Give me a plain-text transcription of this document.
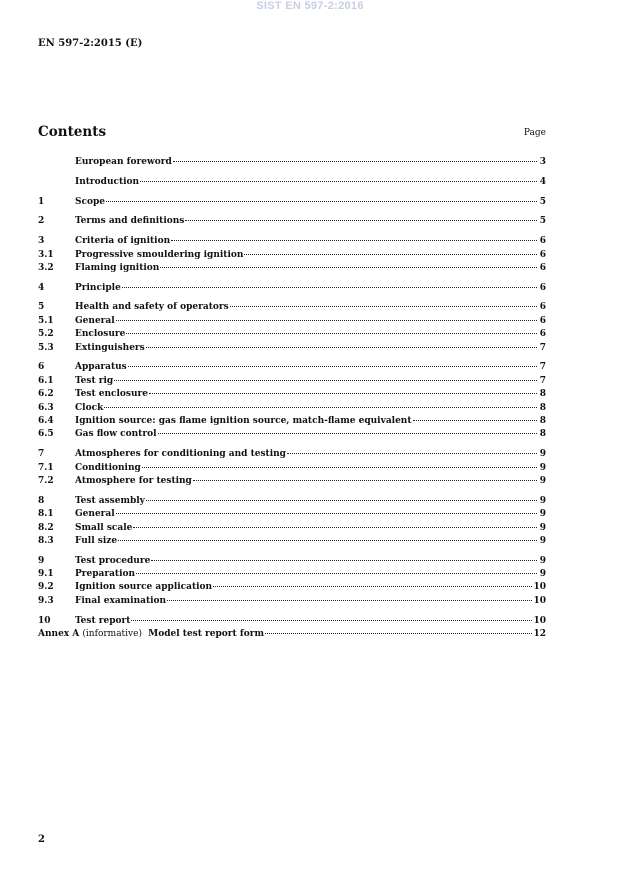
SIST EN 597-2:2016
EN 597-2:2015 (E)
Contents	Page
European foreword	3
Introduction	4
1	Scope	5
2	Terms and definitions	5
3	Criteria of ignition	6
3.1	Progressive smouldering ignition	6
3.2	Flaming ignition	6
4	Principle	6
5	Health and safety of operators	6
5.1	General	6
5.2	Enclosure	6
5.3	Extinguishers	7
6	Apparatus	7
6.1	Test rig	7
6.2	Test enclosure	8
6.3	Clock	8
6.4	Ignition source: gas flame ignition source, match-flame equivalent	8
6.5	Gas flow control	8
7	Atmospheres for conditioning and testing	9
7.1	Conditioning	9
7.2	Atmosphere for testing	9
8	Test assembly	9
8.1	General	9
8.2	Small scale	9
8.3	Full size	9
9	Test procedure	9
9.1	Preparation	9
9.2	Ignition source application	10
9.3	Final examination	10
10	Test report	10
Annex A (informative) Model test report form	12
2
